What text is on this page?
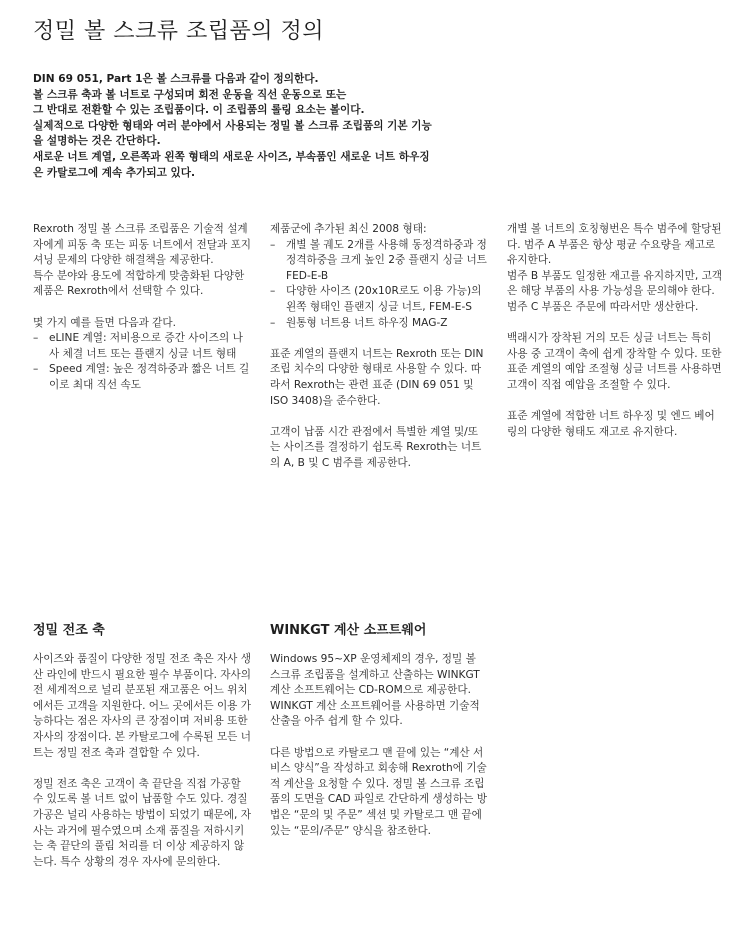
정밀 볼 스크류 조립품의 정의

DIN 69 051, Part 1은 볼 스크류를 다음과 같이 정의한다.

볼 스크류 축과 볼 너트로 구성되며 회전 운동을 직선 운동으로 또는

그 반대로 전환할 수 있는 조립품이다. 이 조립품의 롤링 요소는 볼이다.

실제적으로 다양한 형태와 여러 분야에서 사용되는 정밀 볼 스크류 조립품의 기본 기능

을 설명하는 것은 간단하다.

새로운 너트 계열, 오른쪽과 왼쪽 형태의 새로운 사이즈, 부속품인 새로운 너트 하우징

은 카탈로그에 계속 추가되고 있다.

Rexroth 정밀 볼 스크류 조립품은 기술적 설계자에게 피동 축 또는 피동 너트에서 전달과 포지셔닝 문제의 다양한 해결책을 제공한다.

특수 분야와 용도에 적합하게 맞춤화된 다양한 제품은 Rexroth에서 선택할 수 있다.

몇 가지 예를 들면 다음과 같다.

– eLINE 계열: 저비용으로 증간 사이즈의 나사 체결 너트 또는 플랜지 싱글 너트 형태
– Speed 계열: 높은 정격하중과 짧은 너트 길이로 최대 직선 속도

제품군에 추가된 최신 2008 형태:

– 개별 볼 궤도 2개를 사용해 동정격하중과 정정격하중을 크게 높인 2중 플랜지 싱글 너트 FED-E-B
– 다양한 사이즈 (20x10R로도 이용 가능)의 왼쪽 형태인 플랜지 싱글 너트, FEM-E-S
– 원통형 너트용 너트 하우징 MAG-Z

표준 계열의 플랜지 너트는 Rexroth 또는 DIN 조립 치수의 다양한 형태로 사용할 수 있다. 따라서 Rexroth는 관련 표준 (DIN 69 051 및 ISO 3408)을 준수한다.

고객이 납품 시간 관점에서 특별한 계열 및/또는 사이즈를 결정하기 쉽도록 Rexroth는 너트의 A, B 및 C 범주를 제공한다.

개별 볼 너트의 호칭형번은 특수 범주에 할당된다. 범주 A 부품은 항상 평균 수요량을 재고로 유지한다.

범주 B 부품도 일정한 재고를 유지하지만, 고객은 해당 부품의 사용 가능성을 문의해야 한다. 범주 C 부품은 주문에 따라서만 생산한다.

백래시가 장착된 거의 모든 싱글 너트는 특히 사용 중 고객이 축에 쉽게 장착할 수 있다. 또한 표준 계열의 예압 조절형 싱글 너트를 사용하면 고객이 직접 예압을 조절할 수 있다.

표준 계열에 적합한 너트 하우징 및 엔드 베어링의 다양한 형태도 재고로 유지한다.

정밀 전조 축	WINKGT 계산 소프트웨어

사이즈와 품질이 다양한 정밀 전조 축은 자사 생산 라인에 반드시 필요한 필수 부품이다. 자사의 전 세계적으로 널리 분포된 재고품은 어느 위치에서든 고객을 지원한다. 어느 곳에서든 이용 가능하다는 점은 자사의 큰 장점이며 저비용 또한 자사의 장점이다. 본 카탈로그에 수록된 모든 너트는 정밀 전조 축과 결합할 수 있다.

정밀 전조 축은 고객이 축 끝단을 직접 가공할 수 있도록 볼 너트 없이 납품할 수도 있다. 경질 가공은 널리 사용하는 방법이 되었기 때문에, 자사는 과거에 필수였으며 소재 품질을 저하시키는 축 끝단의 풀림 처리를 더 이상 제공하지 않는다. 특수 상황의 경우 자사에 문의한다.

Windows 95~XP 운영체제의 경우, 정밀 볼 스크류 조립품을 설계하고 산출하는 WINKGT 계산 소프트웨어는 CD-ROM으로 제공한다. WINKGT 계산 소프트웨어를 사용하면 기술적 산출을 아주 쉽게 할 수 있다.

다른 방법으로 카탈로그 맨 끝에 있는 “계산 서비스 양식”을 작성하고 회송해 Rexroth에 기술적 계산을 요청할 수 있다. 정밀 볼 스크류 조립품의 도면을 CAD 파일로 간단하게 생성하는 방법은 “문의 및 주문” 섹션 및 카탈로그 맨 끝에 있는 “문의/주문” 양식을 참조한다.
